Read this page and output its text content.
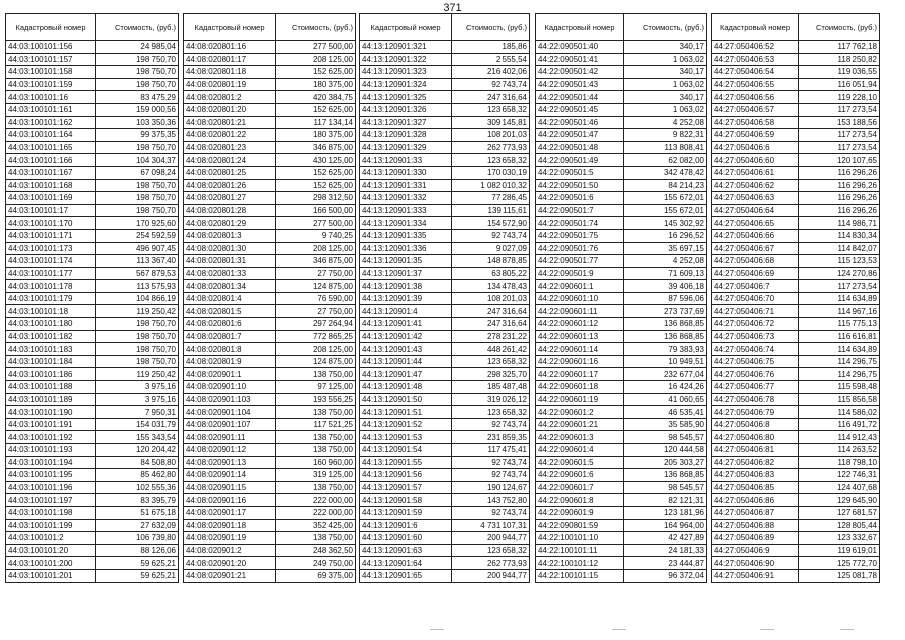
371
Кадастровый номер	Стоимость, (руб.)
44:03:100101:156	24 985,04
44:03:100101:157	198 750,70
44:03:100101:158	198 750,70
44:03:100101:159	198 750,70
44:03:100101:16	83 475,29
44:03:100101:161	159 000,56
44:03:100101:162	103 350,36
44:03:100101:164	99 375,35
44:03:100101:165	198 750,70
44:03:100101:166	104 304,37
44:03:100101:167	67 098,24
44:03:100101:168	198 750,70
44:03:100101:169	198 750,70
44:03:100101:17	198 750,70
44:03:100101:170	170 925,60
44:03:100101:171	254 592,59
44:03:100101:173	496 907,45
44:03:100101:174	113 367,40
44:03:100101:177	567 879,53
44:03:100101:178	113 575,93
44:03:100101:179	104 866,19
44:03:100101:18	119 250,42
44:03:100101:180	198 750,70
44:03:100101:182	198 750,70
44:03:100101:183	198 750,70
44:03:100101:184	198 750,70
44:03:100101:186	119 250,42
44:03:100101:188	3 975,16
44:03:100101:189	3 975,16
44:03:100101:190	7 950,31
44:03:100101:191	154 031,79
44:03:100101:192	155 343,54
44:03:100101:193	120 204,42
44:03:100101:194	84 508,80
44:03:100101:195	85 462,80
44:03:100101:196	102 555,36
44:03:100101:197	83 395,79
44:03:100101:198	51 675,18
44:03:100101:199	27 632,09
44:03:100101:2	106 739,80
44:03:100101:20	88 126,06
44:03:100101:200	59 625,21
44:03:100101:201	59 625,21
Кадастровый номер	Стоимость, (руб.)
44:08:020801:16	277 500,00
44:08:020801:17	208 125,00
44:08:020801:18	152 625,00
44:08:020801:19	180 375,00
44:08:020801:2	420 384,75
44:08:020801:20	152 625,00
44:08:020801:21	117 134,14
44:08:020801:22	180 375,00
44:08:020801:23	346 875,00
44:08:020801:24	430 125,00
44:08:020801:25	152 625,00
44:08:020801:26	152 625,00
44:08:020801:27	298 312,50
44:08:020801:28	166 500,00
44:08:020801:29	277 500,00
44:08:020801:3	9 740,25
44:08:020801:30	208 125,00
44:08:020801:31	346 875,00
44:08:020801:33	27 750,00
44:08:020801:34	124 875,00
44:08:020801:4	76 590,00
44:08:020801:5	27 750,00
44:08:020801:6	297 264,94
44:08:020801:7	772 865,25
44:08:020801:8	208 125,00
44:08:020801:9	124 875,00
44:08:020901:1	138 750,00
44:08:020901:10	97 125,00
44:08:020901:103	193 556,25
44:08:020901:104	138 750,00
44:08:020901:107	117 521,25
44:08:020901:11	138 750,00
44:08:020901:12	138 750,00
44:08:020901:13	160 960,00
44:08:020901:14	319 125,00
44:08:020901:15	138 750,00
44:08:020901:16	222 000,00
44:08:020901:17	222 000,00
44:08:020901:18	352 425,00
44:08:020901:19	138 750,00
44:08:020901:2	248 362,50
44:08:020901:20	249 750,00
44:08:020901:21	69 375,00
Кадастровый номер	Стоимость, (руб.)
44:13:120901:321	185,86
44:13:120901:322	2 555,54
44:13:120901:323	216 402,06
44:13:120901:324	92 743,74
44:13:120901:325	247 316,64
44:13:120901:326	123 658,32
44:13:120901:327	309 145,81
44:13:120901:328	108 201,03
44:13:120901:329	262 773,93
44:13:120901:33	123 658,32
44:13:120901:330	170 030,19
44:13:120901:331	1 082 010,32
44:13:120901:332	77 286,45
44:13:120901:333	139 115,61
44:13:120901:334	154 572,90
44:13:120901:335	92 743,74
44:13:120901:336	9 027,09
44:13:120901:35	148 878,85
44:13:120901:37	63 805,22
44:13:120901:38	134 478,43
44:13:120901:39	108 201,03
44:13:120901:4	247 316,64
44:13:120901:41	247 316,64
44:13:120901:42	278 231,22
44:13:120901:43	448 261,42
44:13:120901:44	123 658,32
44:13:120901:47	298 325,70
44:13:120901:48	185 487,48
44:13:120901:50	319 026,12
44:13:120901:51	123 658,32
44:13:120901:52	92 743,74
44:13:120901:53	231 859,35
44:13:120901:54	117 475,41
44:13:120901:55	92 743,74
44:13:120901:56	92 743,74
44:13:120901:57	190 124,67
44:13:120901:58	143 752,80
44:13:120901:59	92 743,74
44:13:120901:6	4 731 107,31
44:13:120901:60	200 944,77
44:13:120901:63	123 658,32
44:13:120901:64	262 773,93
44:13:120901:65	200 944,77
Кадастровый номер	Стоимость, (руб.)
44:22:090501:40	340,17
44:22:090501:41	1 063,02
44:22:090501:42	340,17
44:22:090501:43	1 063,02
44:22:090501:44	340,17
44:22:090501:45	1 063,02
44:22:090501:46	4 252,08
44:22:090501:47	9 822,31
44:22:090501:48	113 808,41
44:22:090501:49	62 082,00
44:22:090501:5	342 478,42
44:22:090501:50	84 214,23
44:22:090501:6	155 672,01
44:22:090501:7	155 672,01
44:22:090501:74	145 302,92
44:22:090501:75	16 296,52
44:22:090501:76	35 697,15
44:22:090501:77	4 252,08
44:22:090501:9	71 609,13
44:22:090601:1	39 406,18
44:22:090601:10	87 596,06
44:22:090601:11	273 737,69
44:22:090601:12	136 868,85
44:22:090601:13	136 868,85
44:22:090601:14	79 383,93
44:22:090601:16	10 949,51
44:22:090601:17	232 677,04
44:22:090601:18	16 424,26
44:22:090601:19	41 060,65
44:22:090601:2	46 535,41
44:22:090601:21	35 585,90
44:22:090601:3	98 545,57
44:22:090601:4	120 444,58
44:22:090601:5	205 303,27
44:22:090601:6	136 868,85
44:22:090601:7	98 545,57
44:22:090601:8	82 121,31
44:22:090601:9	123 181,96
44:22:090801:59	164 964,00
44:22:100101:10	42 427,89
44:22:100101:11	24 181,33
44:22:100101:12	23 444,87
44:22:100101:15	96 372,04
Кадастровый номер	Стоимость, (руб.)
44:27:050406:52	117 762,18
44:27:050406:53	118 250,82
44:27:050406:54	119 036,55
44:27:050406:55	116 051,94
44:27:050406:56	119 228,10
44:27:050406:57	117 273,54
44:27:050406:58	153 188,56
44:27:050406:59	117 273,54
44:27:050406:6	117 273,54
44:27:050406:60	120 107,65
44:27:050406:61	116 296,26
44:27:050406:62	116 296,26
44:27:050406:63	116 296,26
44:27:050406:64	116 296,26
44:27:050406:65	114 986,71
44:27:050406:66	114 830,34
44:27:050406:67	114 842,07
44:27:050406:68	115 123,53
44:27:050406:69	124 270,86
44:27:050406:7	117 273,54
44:27:050406:70	114 634,89
44:27:050406:71	114 967,16
44:27:050406:72	115 775,13
44:27:050406:73	116 616,81
44:27:050406:74	114 634,89
44:27:050406:75	114 296,75
44:27:050406:76	114 296,75
44:27:050406:77	115 598,48
44:27:050406:78	115 856,58
44:27:050406:79	114 586,02
44:27:050406:8	116 491,72
44:27:050406:80	114 912,43
44:27:050406:81	114 263,52
44:27:050406:82	118 798,10
44:27:050406:83	122 746,31
44:27:050406:85	124 407,68
44:27:050406:86	129 645,90
44:27:050406:87	127 681,57
44:27:050406:88	128 805,44
44:27:050406:89	123 332,67
44:27:050406:9	119 619,01
44:27:050406:90	125 772,70
44:27:050406:91	125 081,78
